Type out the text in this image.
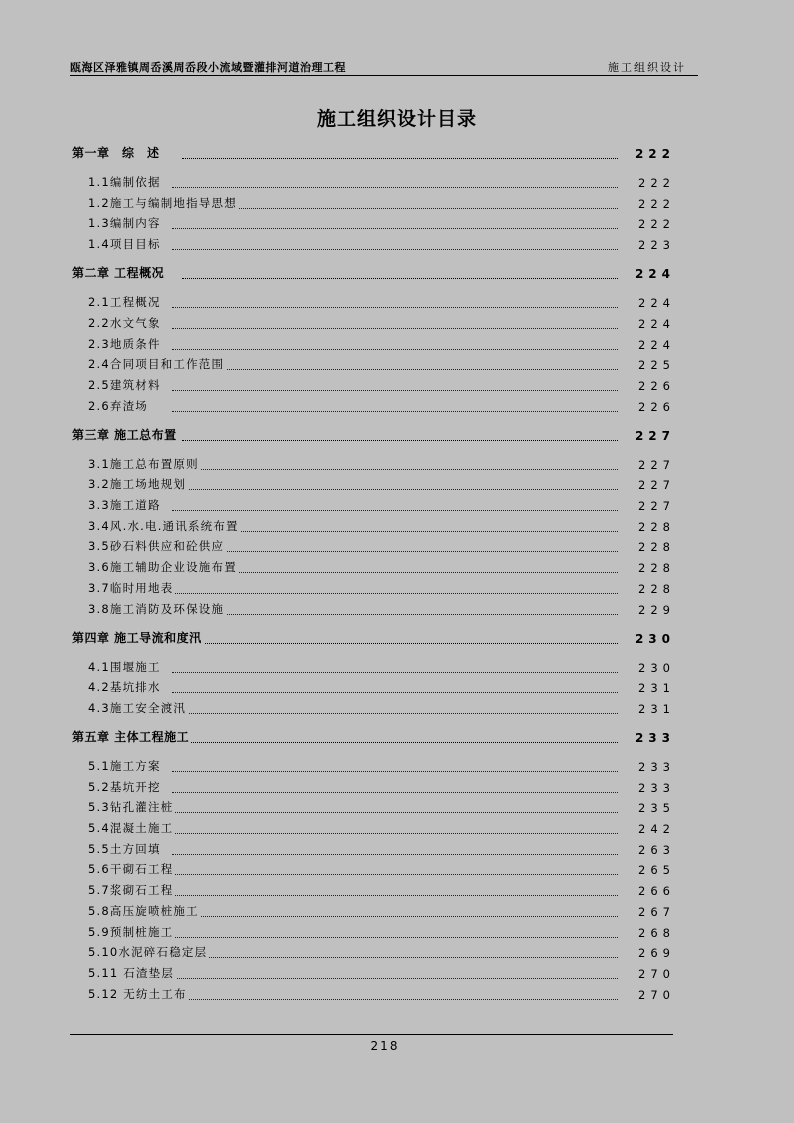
瓯海区泽雅镇周岙溪周岙段小流域暨灌排河道治理工程	施工组织设计
施工组织设计目录
第一章　综　述	222
1.1编制依据	222
1.2施工与编制地指导思想	222
1.3编制内容	222
1.4项目目标	223
第二章 工程概况	224
2.1工程概况	224
2.2水文气象	224
2.3地质条件	224
2.4合同项目和工作范围	225
2.5建筑材料	226
2.6弃渣场	226
第三章 施工总布置	227
3.1施工总布置原则	227
3.2施工场地规划	227
3.3施工道路	227
3.4风.水.电.通讯系统布置	228
3.5砂石料供应和砼供应	228
3.6施工辅助企业设施布置	228
3.7临时用地表	228
3.8施工消防及环保设施	229
第四章 施工导流和度汛	230
4.1围堰施工	230
4.2基坑排水	231
4.3施工安全渡汛	231
第五章 主体工程施工	233
5.1施工方案	233
5.2基坑开挖	233
5.3钻孔灌注桩	235
5.4混凝土施工	242
5.5土方回填	263
5.6干砌石工程	265
5.7浆砌石工程	266
5.8高压旋喷桩施工	267
5.9预制桩施工	268
5.10水泥碎石稳定层	269
5.11 石渣垫层	270
5.12 无纺土工布	270
218
